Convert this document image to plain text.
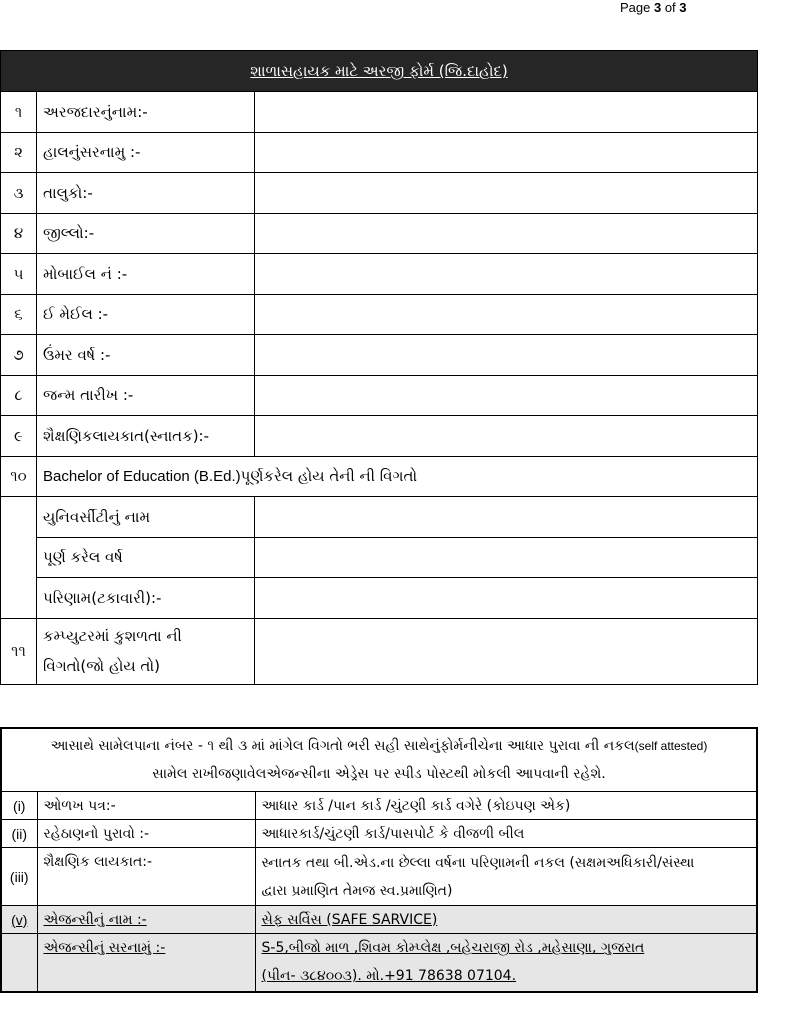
Page 3 of 3
શાળાસહાયક માટે અરજી ફોર્મ (જિ.દાહોદ)		
૧	અરજદારનુંનામ:-	
૨	હાલનુંસરનામુ :-	
૩	તાલુકો:-	
૪	જીલ્લો:-	
૫	મોબાઈલ નં :-	
૬	ઈ મેઈલ :-	
૭	ઉંમર વર્ષ :-	
૮	જન્મ તારીખ :-	
૯	શૈક્ષણિકલાયકાત(સ્નાતક):-	
૧૦	Bachelor of Education (B.Ed.)પૂર્ણકરેલ હોય તેની ની વિગતો	
	યુનિવર્સીટીનું નામ	
	પૂર્ણ કરેલ વર્ષ	
	પરિણામ(ટકાવારી):-	
૧૧	કમ્પ્યુટરમાં કુશળતા ની
વિગતો(જો હોય તો)	
આસાથે સામેલપાના નંબર - ૧ થી ૩ માં માંગેલ વિગતો ભરી સહી સાથેનુંફોર્મનીચેના આધાર પુરાવા ની નકલ(self attested)
સામેલ રાખીજણાવેલએજન્સીના એડ્રેસ પર સ્પીડ પોસ્ટથી મોકલી આપવાની રહેશે.		
(i)	ઓળખ પત્ર:-	આધાર કાર્ડ /પાન કાર્ડ /ચુંટણી કાર્ડ વગેરે (કોઇપણ એક)
(ii)	રહેઠાણનો પુરાવો :-	આધારકાર્ડ/ચુંટણી કાર્ડ/પાસપોર્ટ કે વીજળી બીલ
(iii)	શૈક્ષણિક લાયકાત:-	સ્નાતક તથા બી.એડ.ના છેલ્લા વર્ષના પરિણામની નકલ (સક્ષમઅધિકારી/સંસ્થા
દ્વારા પ્રમાણિત તેમજ સ્વ.પ્રમાણિત)
(v)	એજન્સીનું નામ :-	સેફ સર્વિસ (SAFE SARVICE)
	એજન્સીનું સરનામું :-	S-5,બીજો માળ ,શિવમ કોમ્પ્લેક્ષ ,બહેચરાજી રોડ ,મહેસાણા, ગુજરાત
(પીન- ૩૮૪૦૦૩). મો.+91 78638 07104.
